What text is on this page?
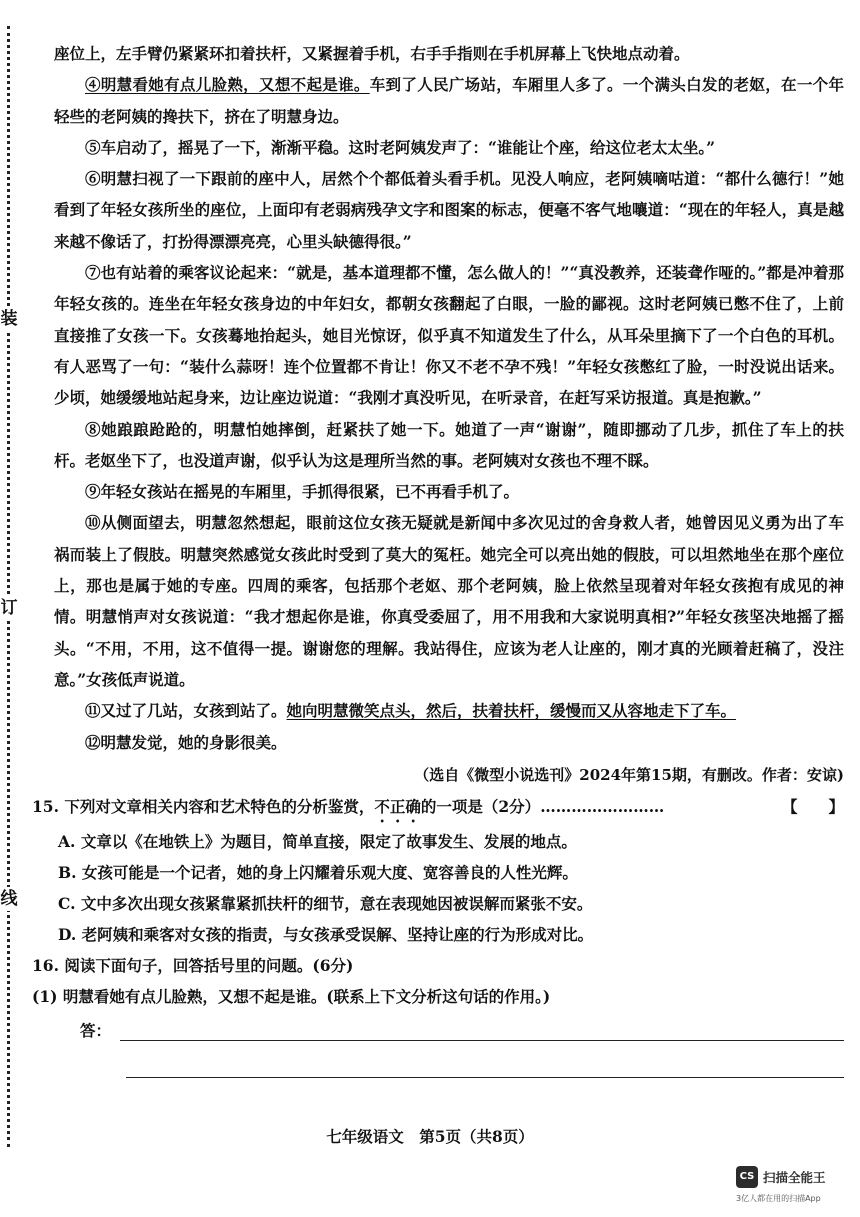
装
订
线

座位上，左手臂仍紧紧环扣着扶杆，又紧握着手机，右手手指则在手机屏幕上飞快地点动着。

④明慧看她有点儿脸熟，又想不起是谁。车到了人民广场站，车厢里人多了。一个满头白发的老妪，在一个年轻些的老阿姨的搀扶下，挤在了明慧身边。

⑤车启动了，摇晃了一下，渐渐平稳。这时老阿姨发声了：“谁能让个座，给这位老太太坐。”

⑥明慧扫视了一下跟前的座中人，居然个个都低着头看手机。见没人响应，老阿姨嘀咕道：“都什么德行！”她看到了年轻女孩所坐的座位，上面印有老弱病残孕文字和图案的标志，便毫不客气地嚷道：“现在的年轻人，真是越来越不像话了，打扮得漂漂亮亮，心里头缺德得很。”

⑦也有站着的乘客议论起来：“就是，基本道理都不懂，怎么做人的！”“真没教养，还装聋作哑的。”都是冲着那年轻女孩的。连坐在年轻女孩身边的中年妇女，都朝女孩翻起了白眼，一脸的鄙视。这时老阿姨已憋不住了，上前直接推了女孩一下。女孩蓦地抬起头，她目光惊讶，似乎真不知道发生了什么，从耳朵里摘下了一个白色的耳机。有人恶骂了一句：“装什么蒜呀！连个位置都不肯让！你又不老不孕不残！”年轻女孩憋红了脸，一时没说出话来。少顷，她缓缓地站起身来，边让座边说道：“我刚才真没听见，在听录音，在赶写采访报道。真是抱歉。”

⑧她踉踉跄跄的，明慧怕她摔倒，赶紧扶了她一下。她道了一声“谢谢”，随即挪动了几步，抓住了车上的扶杆。老妪坐下了，也没道声谢，似乎认为这是理所当然的事。老阿姨对女孩也不理不睬。

⑨年轻女孩站在摇晃的车厢里，手抓得很紧，已不再看手机了。

⑩从侧面望去，明慧忽然想起，眼前这位女孩无疑就是新闻中多次见过的舍身救人者，她曾因见义勇为出了车祸而装上了假肢。明慧突然感觉女孩此时受到了莫大的冤枉。她完全可以亮出她的假肢，可以坦然地坐在那个座位上，那也是属于她的专座。四周的乘客，包括那个老妪、那个老阿姨，脸上依然呈现着对年轻女孩抱有成见的神情。明慧悄声对女孩说道：“我才想起你是谁，你真受委屈了，用不用我和大家说明真相?”年轻女孩坚决地摇了摇头。“不用，不用，这不值得一提。谢谢您的理解。我站得住，应该为老人让座的，刚才真的光顾着赶稿了，没注意。”女孩低声说道。

⑪又过了几站，女孩到站了。她向明慧微笑点头，然后，扶着扶杆，缓慢而又从容地走下了车。

⑫明慧发觉，她的身影很美。

（选自《微型小说选刊》2024年第15期，有删改。作者：安谅)

15. 下列对文章相关内容和艺术特色的分析鉴赏，不正确的一项是（2分）……………………	【　　】

A. 文章以《在地铁上》为题目，简单直接，限定了故事发生、发展的地点。

B. 女孩可能是一个记者，她的身上闪耀着乐观大度、宽容善良的人性光辉。

C. 文中多次出现女孩紧靠紧抓扶杆的细节，意在表现她因被误解而紧张不安。

D. 老阿姨和乘客对女孩的指责，与女孩承受误解、坚持让座的行为形成对比。

16. 阅读下面句子，回答括号里的问题。(6分)

(1) 明慧看她有点儿脸熟，又想不起是谁。(联系上下文分析这句话的作用。)

答：
七年级语文　第5页（共8页）
CS 扫描全能王
3亿人都在用的扫描App
